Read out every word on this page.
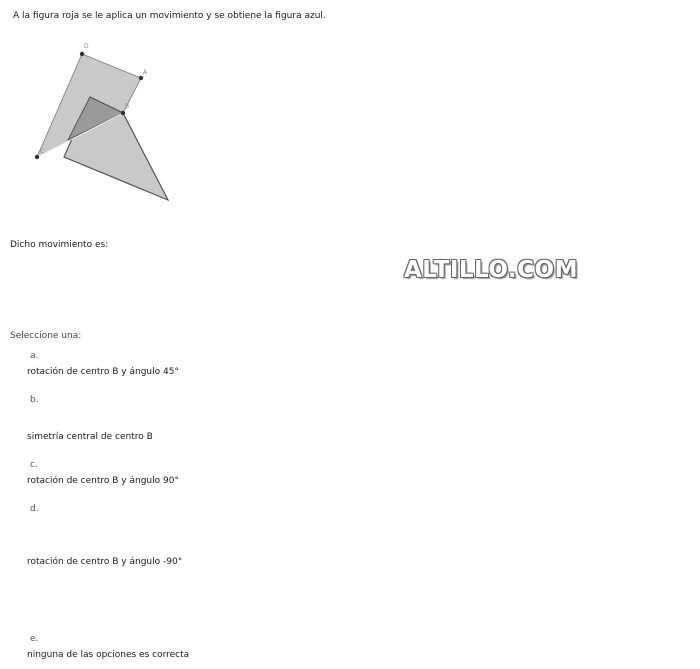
A la figura roja se le aplica un movimiento y se obtiene la figura azul.
D
A
B
C
Dicho movimiento es:
ALTILLO.COM
Seleccione una:
a.
rotación de centro B y ángulo 45°
b.
simetría central de centro B
c.
rotación de centro B y ángulo 90°
d.
rotación de centro B y ángulo -90°
e.
ninguna de las opciones es correcta
